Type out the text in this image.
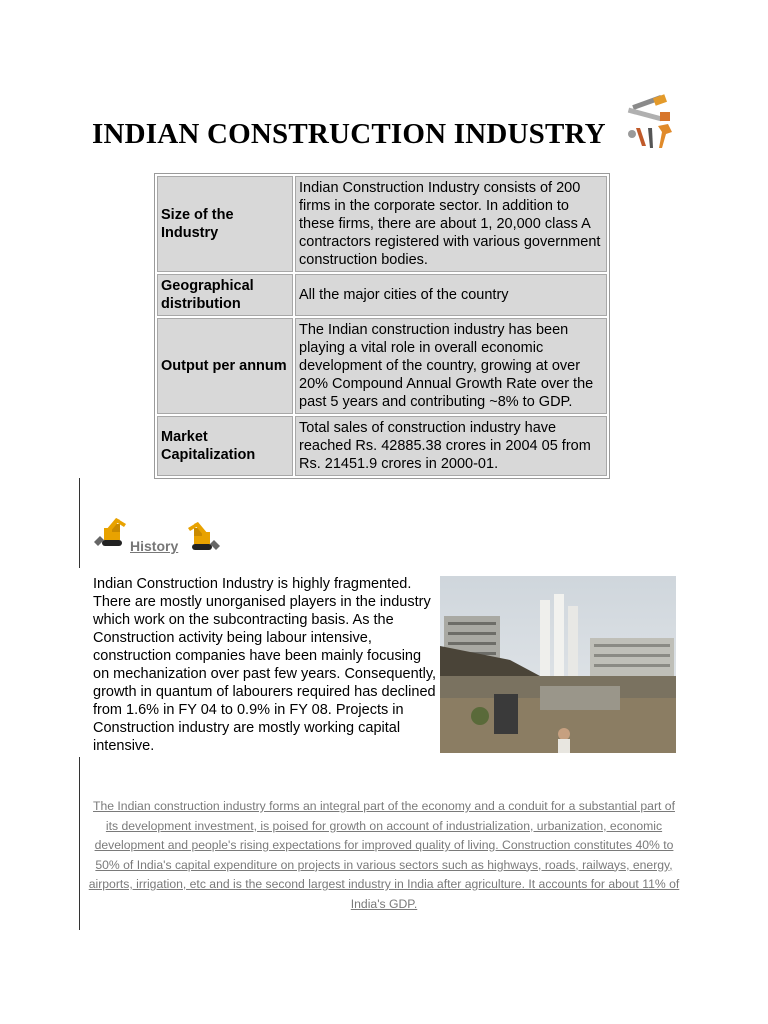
INDIAN CONSTRUCTION INDUSTRY
Size of the Industry	Indian Construction Industry consists of 200 firms in the corporate sector. In addition to these firms, there are about 1, 20,000 class A contractors registered with various government construction bodies.
Geographical distribution	All the major cities of the country
Output per annum	The Indian construction industry has been playing a vital role in overall economic development of the country, growing at over 20% Compound Annual Growth Rate over the past 5 years and contributing ~8% to GDP.
Market Capitalization	Total sales of construction industry have reached Rs. 42885.38 crores in 2004 05 from Rs. 21451.9 crores in 2000-01.
History

Indian Construction Industry is highly fragmented. There are mostly unorganised players in the industry which work on the subcontracting basis. As the Construction activity being labour intensive, construction companies have been mainly focusing on mechanization over past few years. Consequently, growth in quantum of labourers required has declined from 1.6% in FY 04 to 0.9% in FY 08. Projects in Construction industry are mostly working capital intensive.

The Indian construction industry forms an integral part of the economy and a conduit for a substantial part of its development investment, is poised for growth on account of industrialization, urbanization, economic development and people's rising expectations for improved quality of living. Construction constitutes 40% to 50% of India's capital expenditure on projects in various sectors such as highways, roads, railways, energy, airports, irrigation, etc and is the second largest industry in India after agriculture. It accounts for about 11% of India's GDP.
